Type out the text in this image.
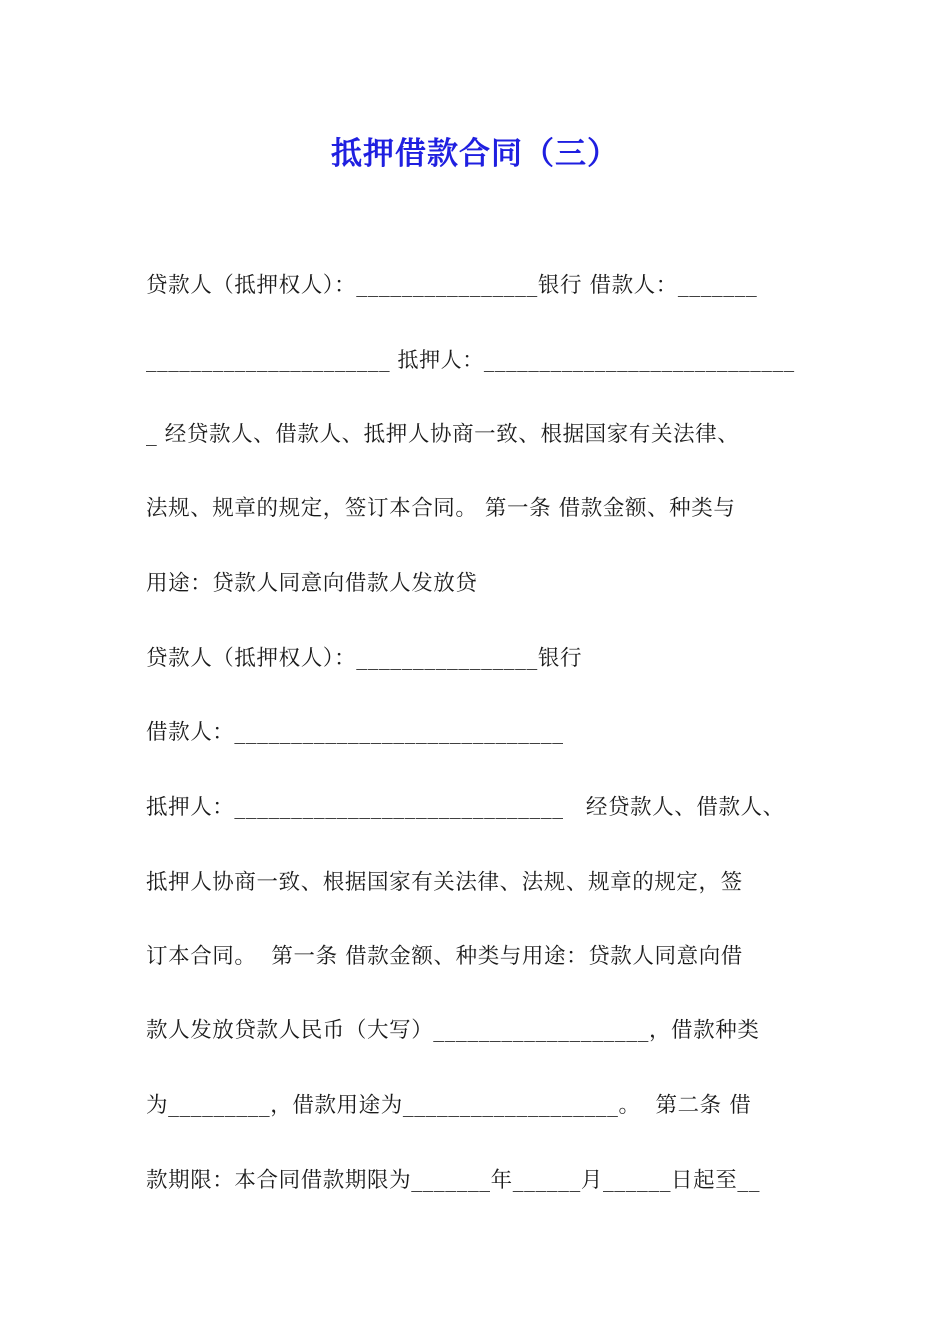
抵押借款合同（三）
贷款人（抵押权人）：________________银行 借款人：_______
______________________ 抵押人：____________________________
_ 经贷款人、借款人、抵押人协商一致、根据国家有关法律、
法规、规章的规定，签订本合同。 第一条 借款金额、种类与
用途：贷款人同意向借款人发放贷
贷款人（抵押权人）：________________银行
借款人：_____________________________
抵押人：_____________________________   经贷款人、借款人、
抵押人协商一致、根据国家有关法律、法规、规章的规定，签
订本合同。  第一条 借款金额、种类与用途：贷款人同意向借
款人发放贷款人民币（大写）___________________，借款种类
为_________，借款用途为___________________。  第二条 借
款期限：本合同借款期限为_______年______月______日起至__
